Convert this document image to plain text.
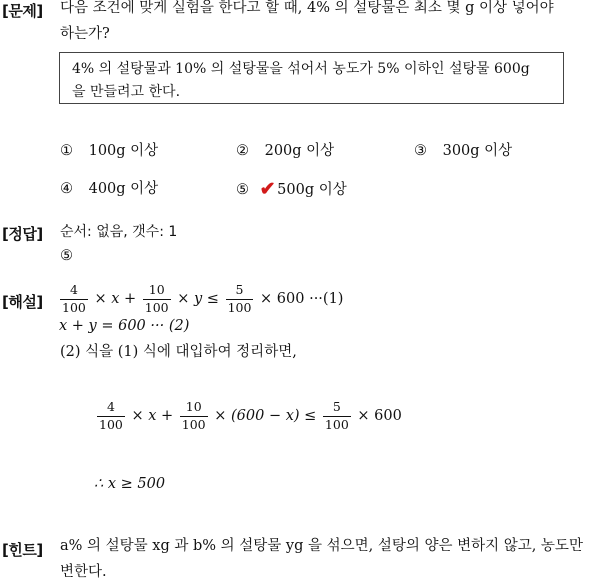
[문제] 다음 조건에 맞게 실험을 한다고 할 때, 4% 의 설탕물은 최소 몇 g 이상 넣어야
하는가?
4% 의 설탕물과 10% 의 설탕물을 섞어서 농도가 5% 이하인 설탕물 600g
을 만들려고 한다.
① 100g 이상	② 200g 이상	③ 300g 이상
④ 400g 이상	⑤ ✔ 500g 이상
[정답] 순서: 없음, 갯수: 1
⑤
[해설] $\frac{4}{100} \times x + \frac{10}{100} \times y \le \frac{5}{100} \times 600 \cdot\cdot\cdot(1)$
x + y = 600 ··· (2)
(2) 식을 (1) 식에 대입하여 정리하면,
$\frac{4}{100} \times x + \frac{10}{100} \times (600 - x) \le \frac{5}{100} \times 600$
∴ x ≥ 500
[힌트] a% 의 설탕물 xg 과 b% 의 설탕물 yg 을 섞으면, 설탕의 양은 변하지 않고, 농도만
변한다.
